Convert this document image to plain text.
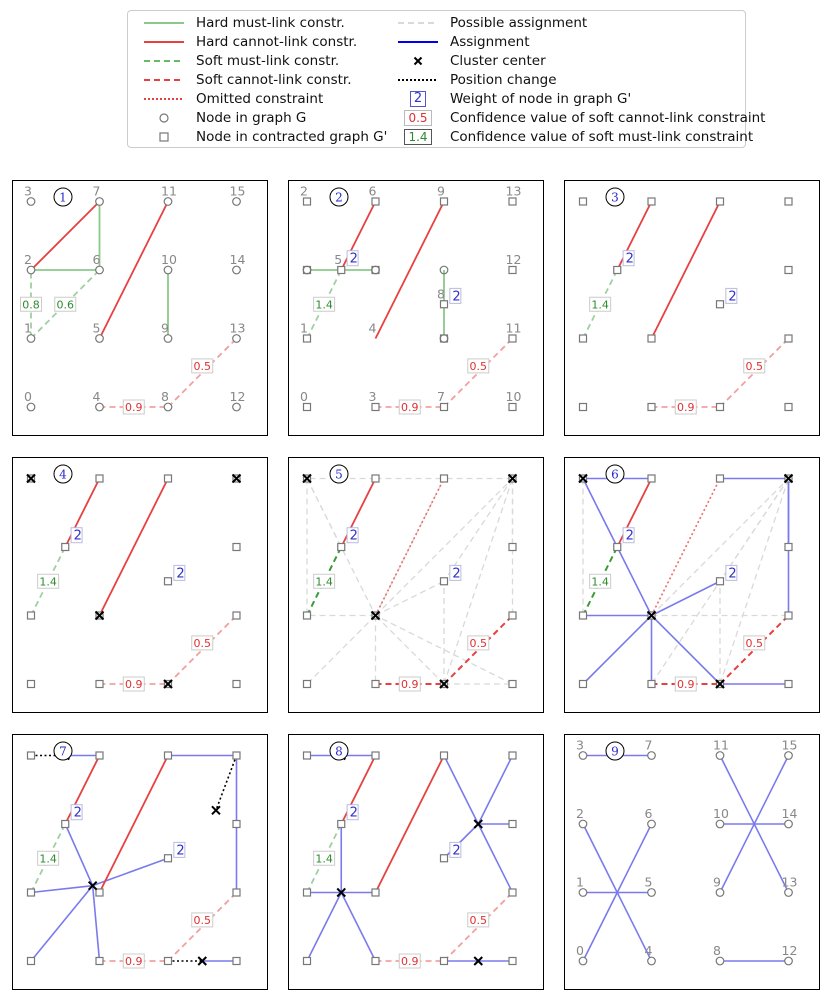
Hard must-link constr.
Hard cannot-link constr.
Soft must-link constr.
Soft cannot-link constr.
Omitted constraint
Node in graph G
Node in contracted graph G'
Possible assignment
Assignment
Cluster center
Position change
2 Weight of node in graph G'
0.5 Confidence value of soft cannot-link constraint
1.4 Confidence value of soft must-link constraint
0
1
2
3
4
5
6
7
8
9
10
11
12
13
14
15
0.8 0.6
0.9
0.5
1
0
1
2
3
4
6
7
9
10
11
12
13
5
8
2
2
1.4
0.9
0.5
2
2
2
1.4
0.9
0.5
3
2
2
1.4
0.9
0.5
4
2
2
1.4
0.9
0.5
5
2
2
1.4
0.9
0.5
6
2
2
1.4
0.9
0.5
7
2
2
1.4
0.9
0.5
8
0
1
2
3
4
5
6
7
8
9
10
11
12
13
14
15
9
